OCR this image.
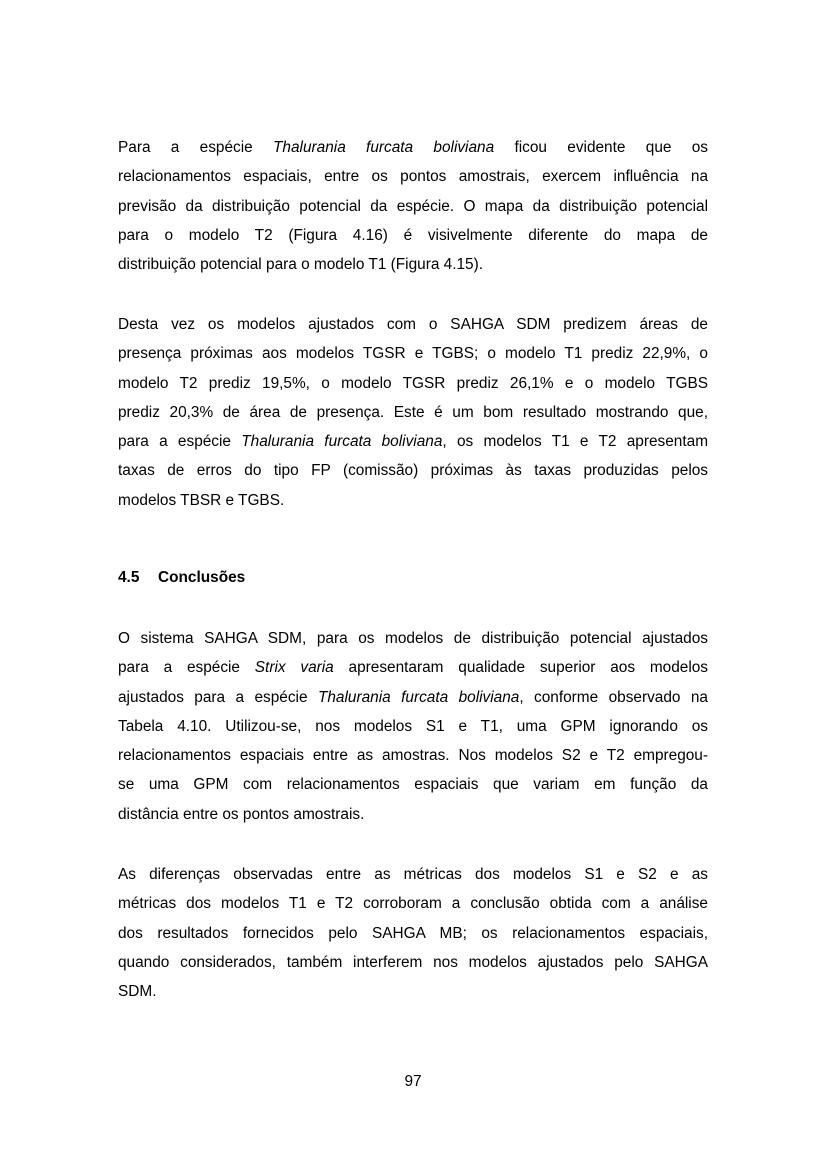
Para a espécie Thalurania furcata boliviana ficou evidente que os
relacionamentos espaciais, entre os pontos amostrais, exercem influência na
previsão da distribuição potencial da espécie. O mapa da distribuição potencial
para o modelo T2 (Figura 4.16) é visivelmente diferente do mapa de
distribuição potencial para o modelo T1 (Figura 4.15).
Desta vez os modelos ajustados com o SAHGA SDM predizem áreas de
presença próximas aos modelos TGSR e TGBS; o modelo T1 prediz 22,9%, o
modelo T2 prediz 19,5%, o modelo TGSR prediz 26,1% e o modelo TGBS
prediz 20,3% de área de presença. Este é um bom resultado mostrando que,
para a espécie Thalurania furcata boliviana, os modelos T1 e T2 apresentam
taxas de erros do tipo FP (comissão) próximas às taxas produzidas pelos
modelos TBSR e TGBS.
4.5 Conclusões
O sistema SAHGA SDM, para os modelos de distribuição potencial ajustados
para a espécie Strix varia apresentaram qualidade superior aos modelos
ajustados para a espécie Thalurania furcata boliviana, conforme observado na
Tabela 4.10. Utilizou-se, nos modelos S1 e T1, uma GPM ignorando os
relacionamentos espaciais entre as amostras. Nos modelos S2 e T2 empregou-
se uma GPM com relacionamentos espaciais que variam em função da
distância entre os pontos amostrais.
As diferenças observadas entre as métricas dos modelos S1 e S2 e as
métricas dos modelos T1 e T2 corroboram a conclusão obtida com a análise
dos resultados fornecidos pelo SAHGA MB; os relacionamentos espaciais,
quando considerados, também interferem nos modelos ajustados pelo SAHGA
SDM.
97
